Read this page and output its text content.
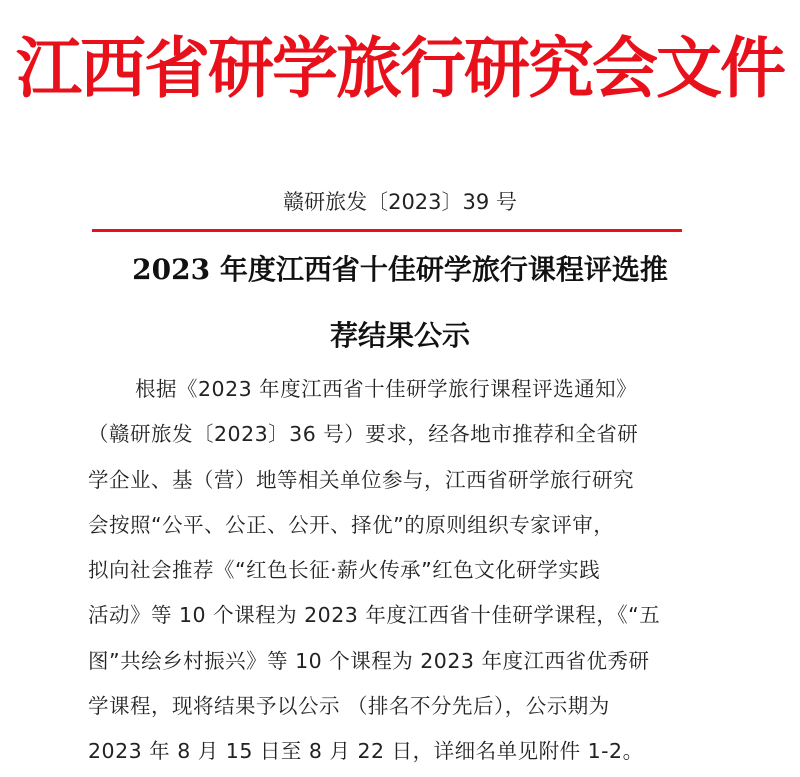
江西省研学旅行研究会文件
赣研旅发〔2023〕39 号
2023 年度江西省十佳研学旅行课程评选推
荐结果公示
根据《2023 年度江西省十佳研学旅行课程评选通知》
（赣研旅发〔2023〕36 号）要求，经各地市推荐和全省研
学企业、基（营）地等相关单位参与，江西省研学旅行研究
会按照“公平、公正、公开、择优”的原则组织专家评审，
拟向社会推荐《“红色长征·薪火传承”红色文化研学实践
活动》等 10 个课程为 2023 年度江西省十佳研学课程，《“五
图”共绘乡村振兴》等 10 个课程为 2023 年度江西省优秀研
学课程，现将结果予以公示 （排名不分先后），公示期为
2023 年 8 月 15 日至 8 月 22 日，详细名单见附件 1-2。
